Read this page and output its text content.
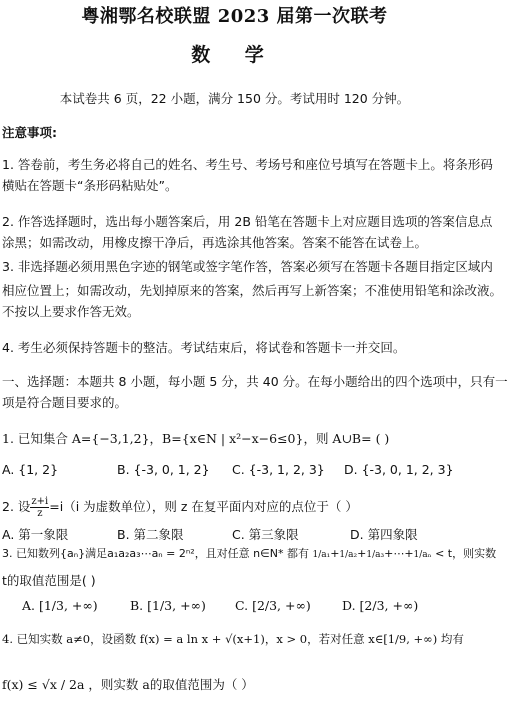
粤湘鄂名校联盟 2023 届第一次联考
数 学
本试卷共 6 页，22 小题，满分 150 分。考试用时 120 分钟。
注意事项:
1. 答卷前，考生务必将自己的姓名、考生号、考场号和座位号填写在答题卡上。将条形码
横贴在答题卡“条形码粘贴处”。
2. 作答选择题时，选出每小题答案后，用 2B 铅笔在答题卡上对应题目选项的答案信息点
涂黑；如需改动，用橡皮擦干净后，再选涂其他答案。答案不能答在试卷上。
3. 非选择题必须用黑色字迹的钢笔或签字笔作答，答案必须写在答题卡各题目指定区域内
相应位置上；如需改动，先划掉原来的答案，然后再写上新答案；不准使用铅笔和涂改液。
不按以上要求作答无效。
4. 考生必须保持答题卡的整洁。考试结束后，将试卷和答题卡一并交回。
一、选择题：本题共 8 小题，每小题 5 分，共 40 分。在每小题给出的四个选项中，只有一
项是符合题目要求的。
1. 已知集合 A={−3,1,2}，B={x∈N | x²−x−6≤0}，则 A∪B= ( )
A. {1, 2}	B. {-3, 0, 1, 2} C. {-3, 1, 2, 3} D. {-3, 0, 1, 2, 3}
2. 设 $\frac{z+i}{z} =i(i$ 为虚数单位），则 z 在复平面内对应的点位于（ ）
A. 第一象限	B. 第二象限	C. 第三象限	D. 第四象限
3. 已知数列{aₙ}满足a₁a₂a₃⋯aₙ = 2ⁿ²，且对任意 n∈N* 都有 1/a₁+1/a₂+1/a₃+⋯+1/aₙ < t，则实数
t的取值范围是( )
A. [1/3, +∞)	B. [1/3, +∞) C. [2/3, +∞) D. [2/3, +∞)
4. 已知实数 a≠0，设函数 f(x) = a ln x + √(x+1)，x > 0，若对任意 x∈[1/9, +∞) 均有
f(x) ≤ √x / 2a ，则实数 a的取值范围为（ ）
